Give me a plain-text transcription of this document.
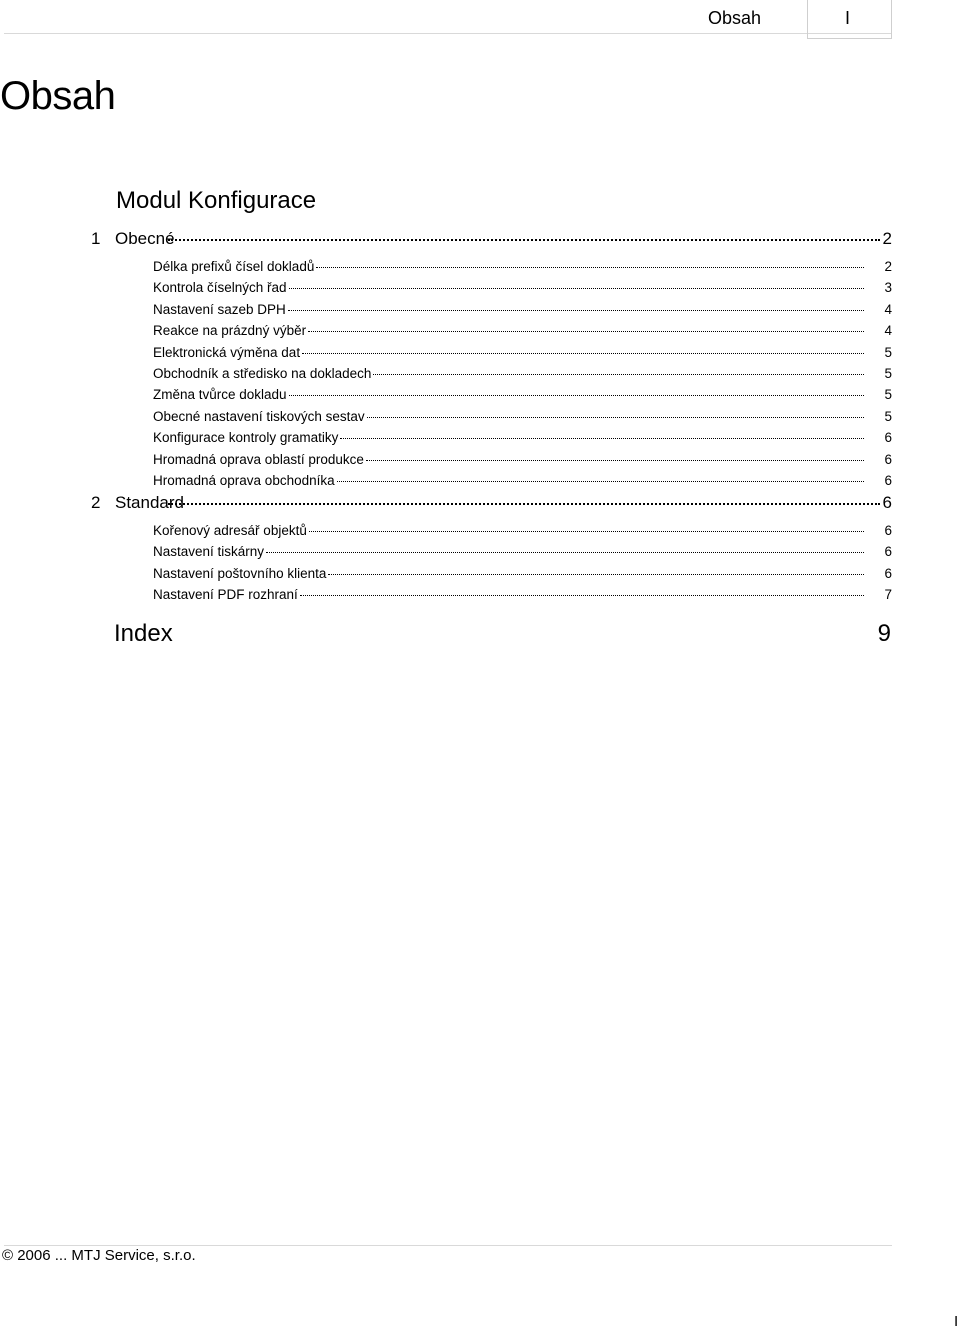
Obsah	I
Obsah
Modul Konfigurace
1 Obecné	2
Délka prefixů čísel dokladů	2
Kontrola číselných řad	3
Nastavení sazeb DPH	4
Reakce na prázdný výběr	4
Elektronická výměna dat	5
Obchodník a středisko na dokladech	5
Změna tvůrce dokladu	5
Obecné nastavení tiskových sestav	5
Konfigurace kontroly gramatiky	6
Hromadná oprava oblastí produkce	6
Hromadná oprava obchodníka	6
2 Standard	6
Kořenový adresář objektů	6
Nastavení tiskárny	6
Nastavení poštovního klienta	6
Nastavení PDF rozhraní	7
Index	9
© 2006 ... MTJ Service, s.r.o.
I
